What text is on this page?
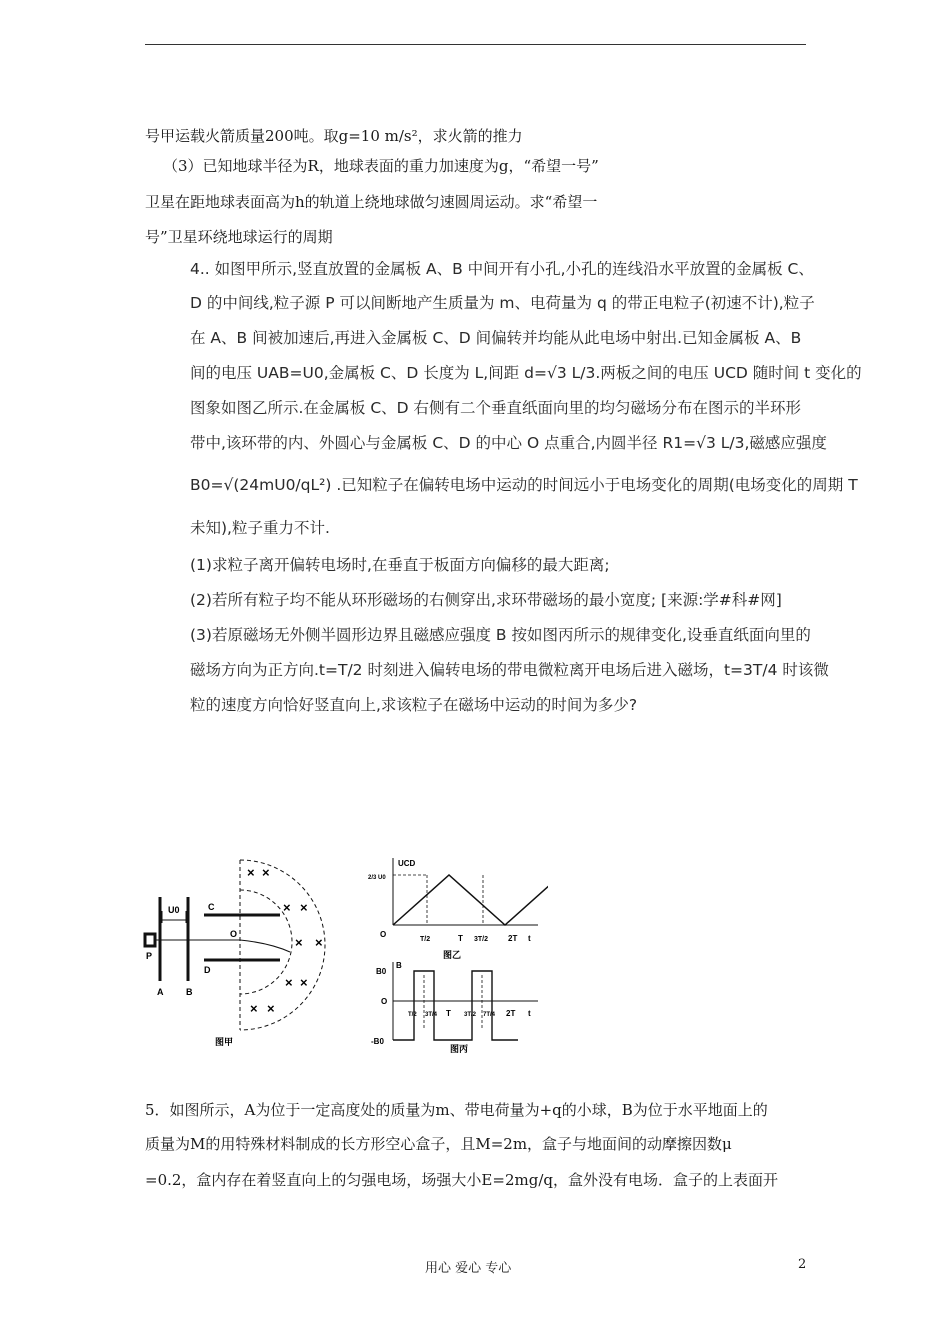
号甲运载火箭质量200吨。取g=10 m/s²，求火箭的推力
（3）已知地球半径为R，地球表面的重力加速度为g，“希望一号”
卫星在距地球表面高为h的轨道上绕地球做匀速圆周运动。求“希望一
号”卫星环绕地球运行的周期
4.. 如图甲所示,竖直放置的金属板 A、B 中间开有小孔,小孔的连线沿水平放置的金属板 C、
D 的中间线,粒子源 P 可以间断地产生质量为 m、电荷量为 q 的带正电粒子(初速不计),粒子
在 A、B 间被加速后,再进入金属板 C、D 间偏转并均能从此电场中射出.已知金属板 A、B
间的电压 UAB=U0,金属板 C、D 长度为 L,间距 d=√3 L/3.两板之间的电压 UCD 随时间 t 变化的
图象如图乙所示.在金属板 C、D 右侧有二个垂直纸面向里的均匀磁场分布在图示的半环形
带中,该环带的内、外圆心与金属板 C、D 的中心 O 点重合,内圆半径 R1=√3 L/3,磁感应强度
B0=√(24mU0/qL²) .已知粒子在偏转电场中运动的时间远小于电场变化的周期(电场变化的周期 T
未知),粒子重力不计.
(1)求粒子离开偏转电场时,在垂直于板面方向偏移的最大距离;
(2)若所有粒子均不能从环形磁场的右侧穿出,求环带磁场的最小宽度; [来源:学#科#网]
(3)若原磁场无外侧半圆形边界且磁感应强度 B 按如图丙所示的规律变化,设垂直纸面向里的
磁场方向为正方向.t=T/2 时刻进入偏转电场的带电微粒离开电场后进入磁场，t=3T/4 时该微
粒的速度方向恰好竖直向上,求该粒子在磁场中运动的时间为多少?
× ×
× ×
× ×
× ×
× ×
U0	C
D
O
P
A	B
图甲
UCD
2/3 U0
O
T/2	T 3T/2 2T t
图乙
B
B0
O
-B0
T/2 3T/4 T 3T/2 7T/4 2T t
图丙
5．如图所示，A为位于一定高度处的质量为m、带电荷量为+q的小球，B为位于水平地面上的
质量为M的用特殊材料制成的长方形空心盒子，且M=2m，盒子与地面间的动摩擦因数μ
=0.2，盒内存在着竖直向上的匀强电场，场强大小E=2mg/q，盒外没有电场．盒子的上表面开
用心 爱心 专心	2
